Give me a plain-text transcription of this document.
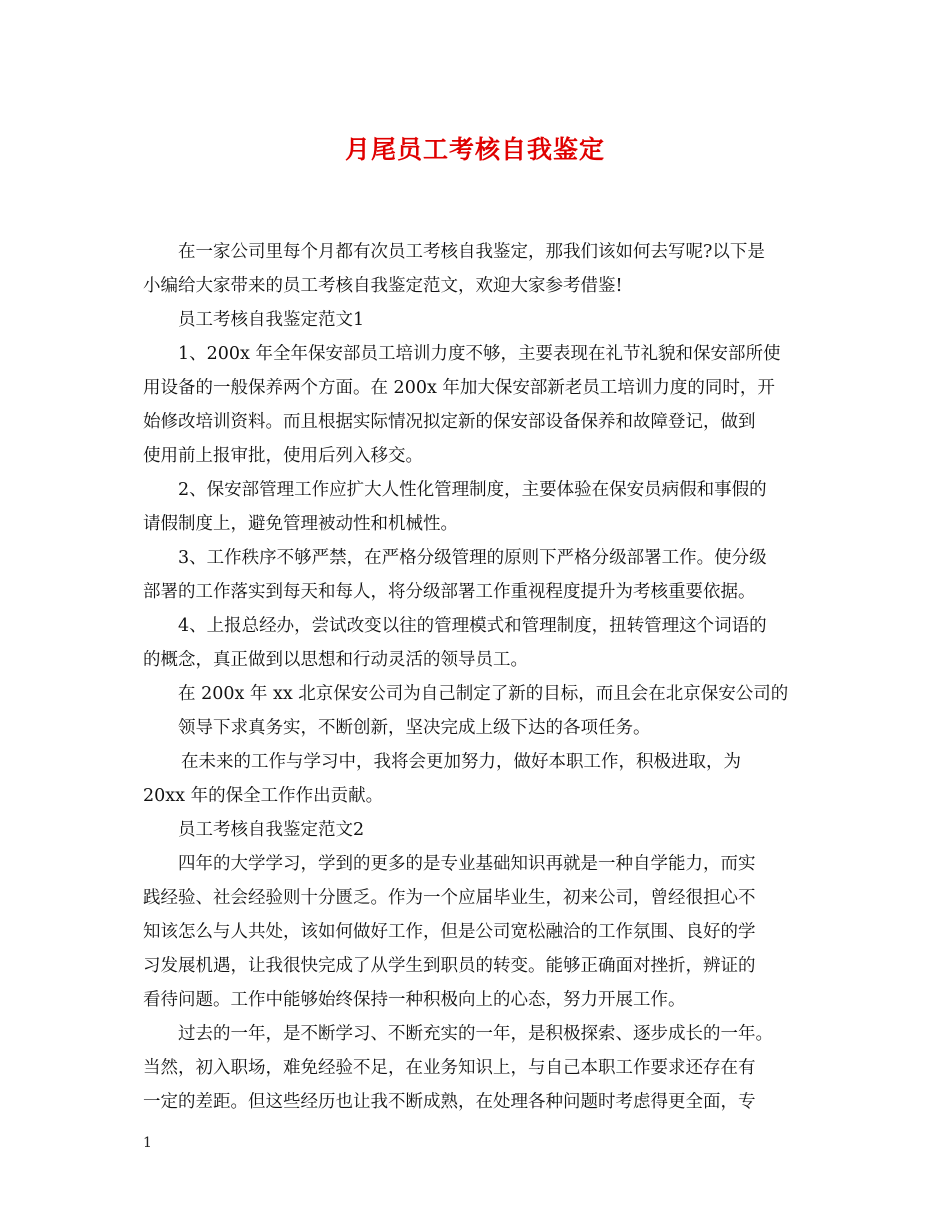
月尾员工考核自我鉴定
在一家公司里每个月都有次员工考核自我鉴定，那我们该如何去写呢?以下是
小编给大家带来的员工考核自我鉴定范文，欢迎大家参考借鉴!
员工考核自我鉴定范文1
1、200x 年全年保安部员工培训力度不够，主要表现在礼节礼貌和保安部所使
用设备的一般保养两个方面。在 200x 年加大保安部新老员工培训力度的同时，开
始修改培训资料。而且根据实际情况拟定新的保安部设备保养和故障登记，做到
使用前上报审批，使用后列入移交。
2、保安部管理工作应扩大人性化管理制度，主要体验在保安员病假和事假的
请假制度上，避免管理被动性和机械性。
3、工作秩序不够严禁，在严格分级管理的原则下严格分级部署工作。使分级
部署的工作落实到每天和每人，将分级部署工作重视程度提升为考核重要依据。
4、上报总经办，尝试改变以往的管理模式和管理制度，扭转管理这个词语的
的概念，真正做到以思想和行动灵活的领导员工。
在 200x 年 xx 北京保安公司为自己制定了新的目标，而且会在北京保安公司的
领导下求真务实，不断创新，坚决完成上级下达的各项任务。
在未来的工作与学习中，我将会更加努力，做好本职工作，积极进取，为
20xx 年的保全工作作出贡献。
员工考核自我鉴定范文2
四年的大学学习，学到的更多的是专业基础知识再就是一种自学能力，而实
践经验、社会经验则十分匮乏。作为一个应届毕业生，初来公司，曾经很担心不
知该怎么与人共处，该如何做好工作，但是公司宽松融洽的工作氛围、良好的学
习发展机遇，让我很快完成了从学生到职员的转变。能够正确面对挫折，辨证的
看待问题。工作中能够始终保持一种积极向上的心态，努力开展工作。
过去的一年，是不断学习、不断充实的一年，是积极探索、逐步成长的一年。
当然，初入职场，难免经验不足，在业务知识上，与自己本职工作要求还存在有
一定的差距。但这些经历也让我不断成熟，在处理各种问题时考虑得更全面，专
1
